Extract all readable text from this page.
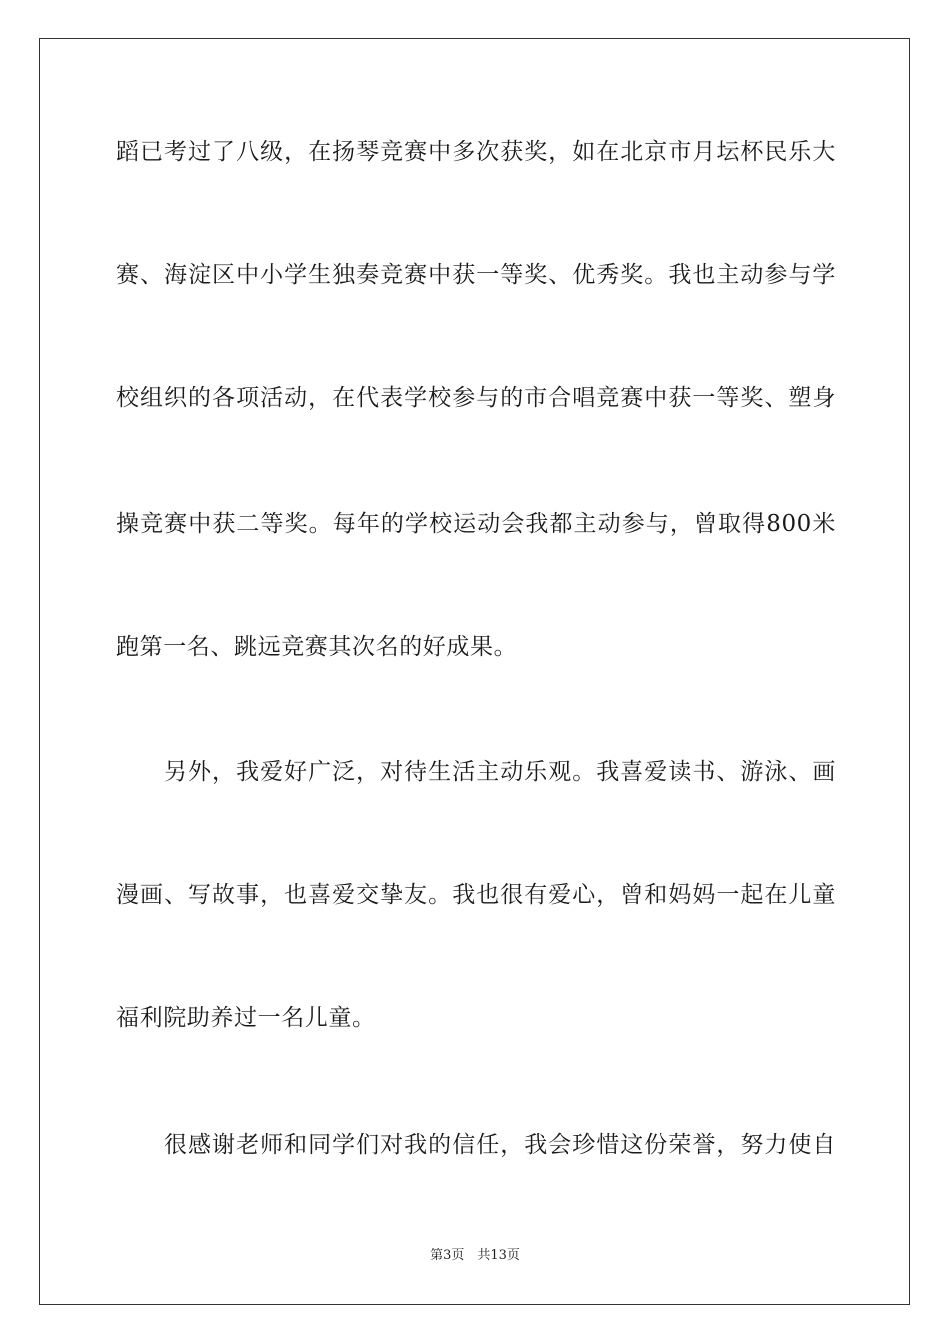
蹈已考过了八级，在扬琴竞赛中多次获奖，如在北京市月坛杯民乐大
赛、海淀区中小学生独奏竞赛中获一等奖、优秀奖。我也主动参与学
校组织的各项活动，在代表学校参与的市合唱竞赛中获一等奖、塑身
操竞赛中获二等奖。每年的学校运动会我都主动参与，曾取得800米
跑第一名、跳远竞赛其次名的好成果。
　　另外，我爱好广泛，对待生活主动乐观。我喜爱读书、游泳、画
漫画、写故事，也喜爱交挚友。我也很有爱心，曾和妈妈一起在儿童
福利院助养过一名儿童。
　　很感谢老师和同学们对我的信任，我会珍惜这份荣誉，努力使自
第3页　共13页
